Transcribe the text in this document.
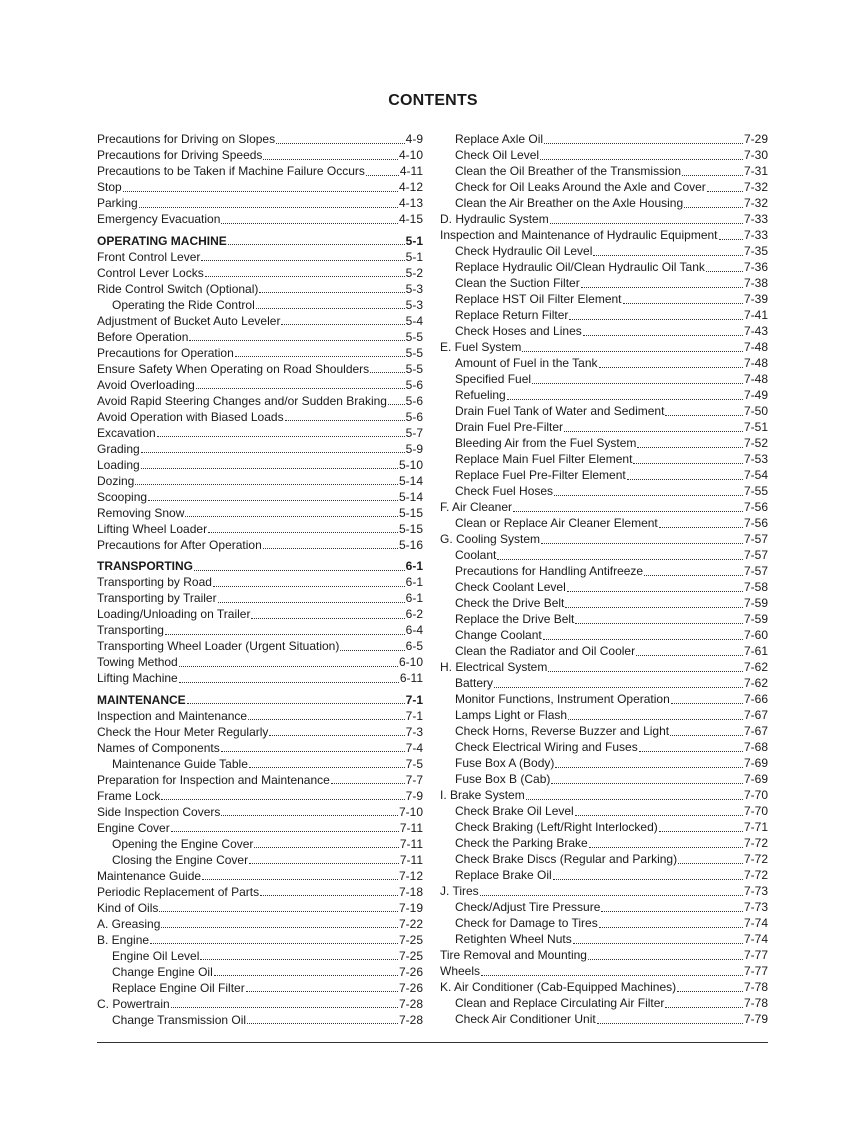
CONTENTS
Precautions for Driving on Slopes	4-9
Precautions for Driving Speeds	4-10
Precautions to be Taken if Machine Failure Occurs	4-11
Stop	4-12
Parking	4-13
Emergency Evacuation	4-15
OPERATING MACHINE	5-1
Front Control Lever	5-1
Control Lever Locks	5-2
Ride Control Switch (Optional)	5-3
Operating the Ride Control	5-3
Adjustment of Bucket Auto Leveler	5-4
Before Operation	5-5
Precautions for Operation	5-5
Ensure Safety When Operating on Road Shoulders	5-5
Avoid Overloading	5-6
Avoid Rapid Steering Changes and/or Sudden Braking 5-6
Avoid Operation with Biased Loads	5-6
Excavation	5-7
Grading	5-9
Loading	5-10
Dozing	5-14
Scooping	5-14
Removing Snow	5-15
Lifting Wheel Loader	5-15
Precautions for After Operation	5-16
TRANSPORTING	6-1
Transporting by Road	6-1
Transporting by Trailer	6-1
Loading/Unloading on Trailer	6-2
Transporting	6-4
Transporting Wheel Loader (Urgent Situation)	6-5
Towing Method	6-10
Lifting Machine	6-11
MAINTENANCE	7-1
Inspection and Maintenance	7-1
Check the Hour Meter Regularly	7-3
Names of Components	7-4
Maintenance Guide Table	7-5
Preparation for Inspection and Maintenance	7-7
Frame Lock	7-9
Side Inspection Covers	7-10
Engine Cover	7-11
Opening the Engine Cover	7-11
Closing the Engine Cover	7-11
Maintenance Guide	7-12
Periodic Replacement of Parts	7-18
Kind of Oils	7-19
A. Greasing	7-22
B. Engine	7-25
Engine Oil Level	7-25
Change Engine Oil	7-26
Replace Engine Oil Filter	7-26
C. Powertrain	7-28
Change Transmission Oil	7-28
Replace Axle Oil	7-29
Check Oil Level	7-30
Clean the Oil Breather of the Transmission	7-31
Check for Oil Leaks Around the Axle and Cover	7-32
Clean the Air Breather on the Axle Housing	7-32
D. Hydraulic System	7-33
Inspection and Maintenance of Hydraulic Equipment 7-33
Check Hydraulic Oil Level	7-35
Replace Hydraulic Oil/Clean Hydraulic Oil Tank	7-36
Clean the Suction Filter	7-38
Replace HST Oil Filter Element	7-39
Replace Return Filter	7-41
Check Hoses and Lines	7-43
E. Fuel System	7-48
Amount of Fuel in the Tank	7-48
Specified Fuel	7-48
Refueling	7-49
Drain Fuel Tank of Water and Sediment	7-50
Drain Fuel Pre-Filter	7-51
Bleeding Air from the Fuel System	7-52
Replace Main Fuel Filter Element	7-53
Replace Fuel Pre-Filter Element	7-54
Check Fuel Hoses	7-55
F. Air Cleaner	7-56
Clean or Replace Air Cleaner Element	7-56
G. Cooling System	7-57
Coolant	7-57
Precautions for Handling Antifreeze	7-57
Check Coolant Level	7-58
Check the Drive Belt	7-59
Replace the Drive Belt	7-59
Change Coolant	7-60
Clean the Radiator and Oil Cooler	7-61
H. Electrical System	7-62
Battery	7-62
Monitor Functions, Instrument Operation	7-66
Lamps Light or Flash	7-67
Check Horns, Reverse Buzzer and Light	7-67
Check Electrical Wiring and Fuses	7-68
Fuse Box A (Body)	7-69
Fuse Box B (Cab)	7-69
I. Brake System	7-70
Check Brake Oil Level	7-70
Check Braking (Left/Right Interlocked)	7-71
Check the Parking Brake	7-72
Check Brake Discs (Regular and Parking)	7-72
Replace Brake Oil	7-72
J. Tires	7-73
Check/Adjust Tire Pressure	7-73
Check for Damage to Tires	7-74
Retighten Wheel Nuts	7-74
Tire Removal and Mounting	7-77
Wheels	7-77
K. Air Conditioner (Cab-Equipped Machines)	7-78
Clean and Replace Circulating Air Filter	7-78
Check Air Conditioner Unit	7-79
